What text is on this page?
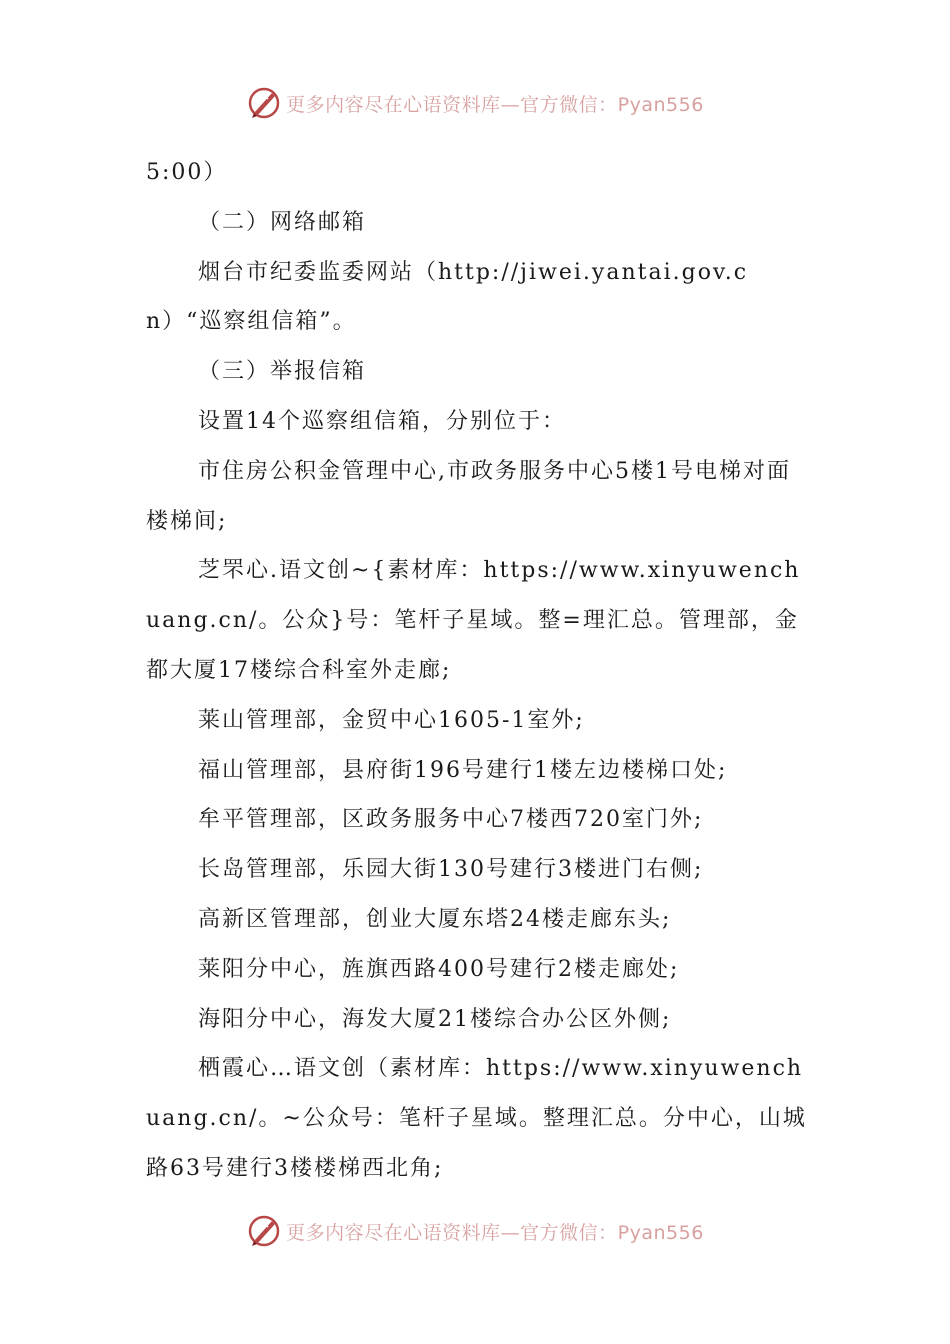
更多内容尽在心语资料库—官方微信：Pyan556

5:00）

（二）网络邮箱

烟台市纪委监委网站（http://jiwei.yantai.gov.cn）“巡察组信箱”。

（三）举报信箱

设置14个巡察组信箱，分别位于：

市住房公积金管理中心,市政务服务中心5楼1号电梯对面楼梯间;

芝罘心.语文创~{素材库：https://www.xinyuwenchuang.cn/。公众}号：笔杆子星域。整=理汇总。管理部，金都大厦17楼综合科室外走廊;

莱山管理部，金贸中心1605-1室外;

福山管理部，县府街196号建行1楼左边楼梯口处;

牟平管理部，区政务服务中心7楼西720室门外;

长岛管理部，乐园大街130号建行3楼进门右侧;

高新区管理部，创业大厦东塔24楼走廊东头;

莱阳分中心，旌旗西路400号建行2楼走廊处;

海阳分中心，海发大厦21楼综合办公区外侧;

栖霞心…语文创（素材库：https://www.xinyuwenchuang.cn/。~公众号：笔杆子星域。整理汇总。分中心，山城路63号建行3楼楼梯西北角;

更多内容尽在心语资料库—官方微信：Pyan556
